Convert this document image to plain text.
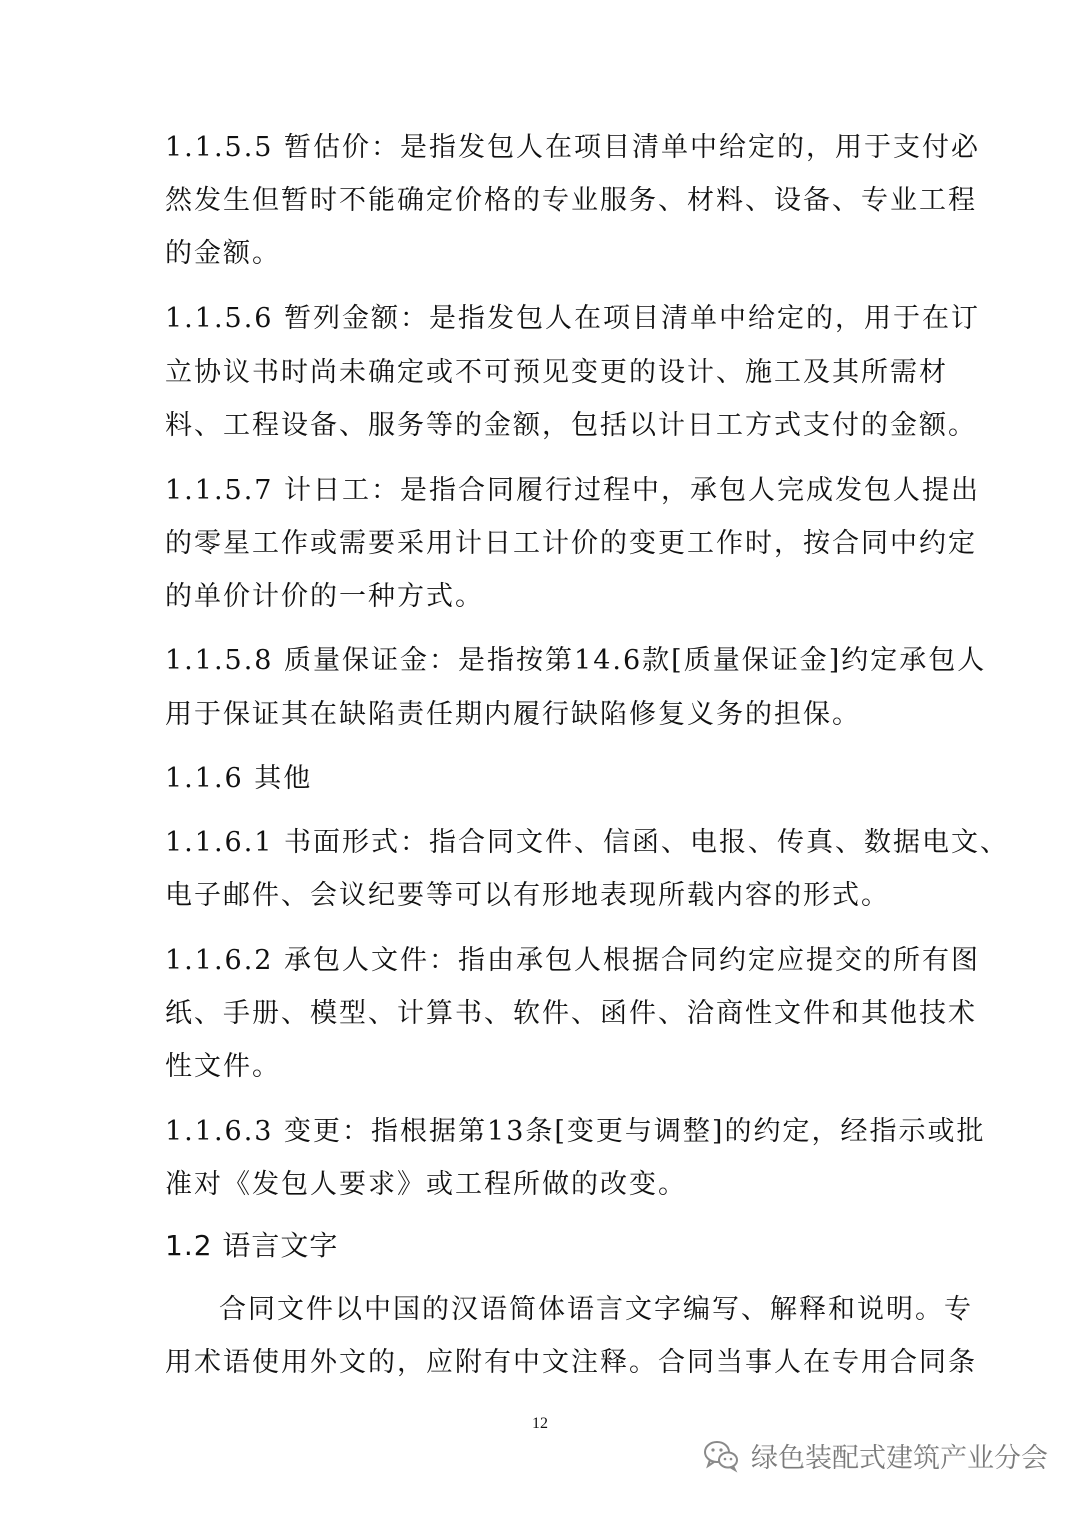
1.1.5.5 暂估价：是指发包人在项目清单中给定的，用于支付必
然发生但暂时不能确定价格的专业服务、材料、设备、专业工程
的金额。
1.1.5.6 暂列金额：是指发包人在项目清单中给定的，用于在订
立协议书时尚未确定或不可预见变更的设计、施工及其所需材
料、工程设备、服务等的金额，包括以计日工方式支付的金额。
1.1.5.7 计日工：是指合同履行过程中，承包人完成发包人提出
的零星工作或需要采用计日工计价的变更工作时，按合同中约定
的单价计价的一种方式。
1.1.5.8 质量保证金：是指按第14.6款[质量保证金]约定承包人
用于保证其在缺陷责任期内履行缺陷修复义务的担保。
1.1.6 其他
1.1.6.1 书面形式：指合同文件、信函、电报、传真、数据电文、
电子邮件、会议纪要等可以有形地表现所载内容的形式。
1.1.6.2 承包人文件：指由承包人根据合同约定应提交的所有图
纸、手册、模型、计算书、软件、函件、洽商性文件和其他技术
性文件。
1.1.6.3 变更：指根据第13条[变更与调整]的约定，经指示或批
准对《发包人要求》或工程所做的改变。
1.2 语言文字
合同文件以中国的汉语简体语言文字编写、解释和说明。专
用术语使用外文的，应附有中文注释。合同当事人在专用合同条
12
绿色装配式建筑产业分会
